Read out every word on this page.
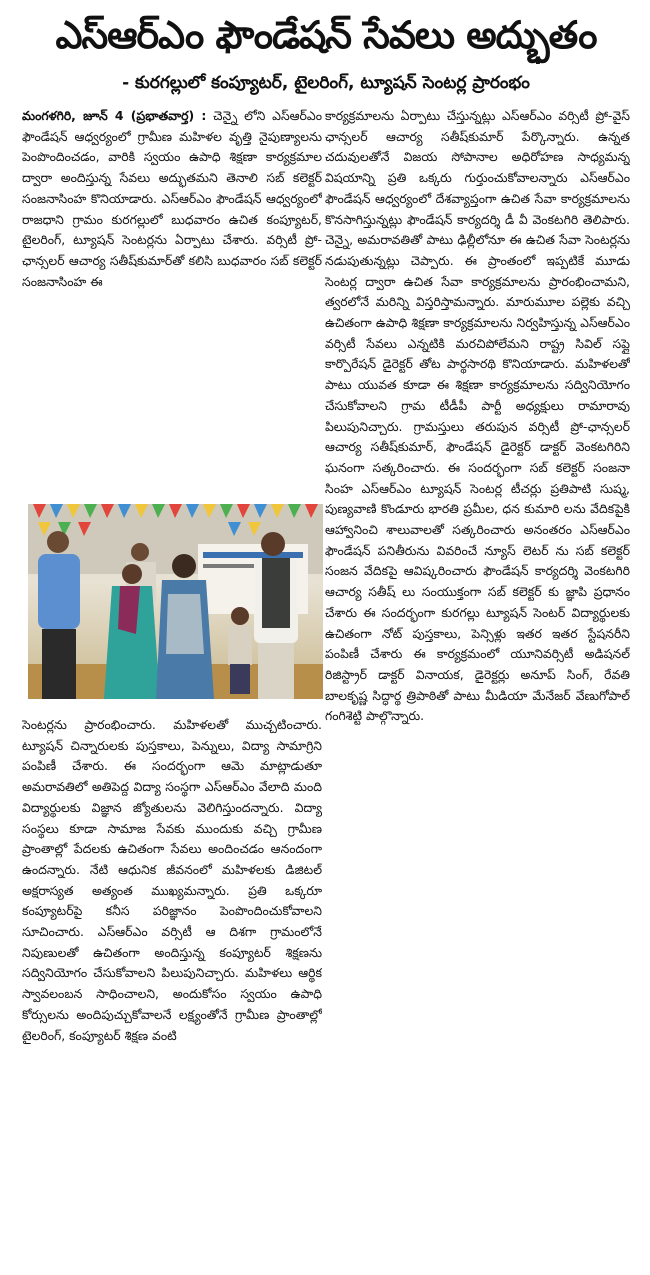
ఎస్ఆర్ఎం ఫౌండేషన్ సేవలు అద్భుతం
- కురగల్లులో కంప్యూటర్, టైలరింగ్, ట్యూషన్ సెంటర్ల ప్రారంభం

మంగళగిరి, జూన్ 4 (ప్రభాతవార్త) : చెన్నై లోని ఎస్ఆర్ఎం ఫౌండేషన్ ఆధ్వర్యంలో గ్రామీణ మహిళల వృత్తి నైపుణ్యాలను పెంపొందించడం, వారికి స్వయం ఉపాధి శిక్షణా కార్యక్రమాల ద్వారా అందిస్తున్న సేవలు అద్భుతమని తెనాలి సబ్ కలెక్టర్ సంజనాసింహ కొనియాడారు. ఎస్ఆర్ఎం ఫౌండేషన్ ఆధ్వర్యంలో రాజధాని గ్రామం కురగల్లులో బుధవారం ఉచిత కంప్యూటర్, టైలరింగ్, ట్యూషన్ సెంటర్లను ఏర్పాటు చేశారు. వర్సిటీ ప్రో-ఛాన్సలర్ ఆచార్య సతీష్‌కుమార్‌తో కలిసి బుధవారం సబ్ కలెక్టర్ సంజనాసింహ ఈ

సెంటర్లను ప్రారంభించారు. మహిళలతో ముచ్చటించారు. ట్యూషన్ చిన్నారులకు పుస్తకాలు, పెన్నులు, విద్యా సామాగ్రిని పంపిణీ చేశారు. ఈ సందర్భంగా ఆమె మాట్లాడుతూ అమరావతిలో అతిపెద్ద విద్యా సంస్థగా ఎస్ఆర్ఎం వేలాది మంది విద్యార్థులకు విజ్ఞాన జ్యోతులను వెలిగిస్తుందన్నారు. విద్యా సంస్థలు కూడా సామాజ సేవకు ముందుకు వచ్చి గ్రామీణ ప్రాంతాల్లో పేదలకు ఉచితంగా సేవలు అందించడం ఆనందంగా ఉందన్నారు. నేటి ఆధునిక జీవనంలో మహిళలకు డిజిటల్ అక్షరాస్యత అత్యంత ముఖ్యమన్నారు. ప్రతి ఒక్కరూ కంప్యూటర్‌పై కనీస పరిజ్ఞానం పెంపొందించుకోవాలని సూచించారు. ఎస్ఆర్ఎం వర్సిటీ ఆ దిశగా గ్రామంలోనే నిపుణులతో ఉచితంగా అందిస్తున్న కంప్యూటర్ శిక్షణను సద్వినియోగం చేసుకోవాలని పిలుపునిచ్చారు. మహిళలు ఆర్థిక స్వావలంబన సాధించాలని, అందుకోసం స్వయం ఉపాధి కోర్సులను అందిపుచ్చుకోవాలనే లక్ష్యంతోనే గ్రామీణ ప్రాంతాల్లో టైలరింగ్, కంప్యూటర్ శిక్షణ వంటి

కార్యక్రమాలను ఏర్పాటు చేస్తున్నట్లు ఎస్ఆర్ఎం వర్సిటీ ప్రో-వైస్ ఛాన్సలర్ ఆచార్య సతీష్‌కుమార్ పేర్కొన్నారు. ఉన్నత చదువులతోనే విజయ సోపానాల అధిరోహణ సాధ్యమన్న విషయాన్ని ప్రతి ఒక్కరు గుర్తుంచుకోవాలన్నారు ఎస్ఆర్ఎం ఫౌండేషన్ ఆధ్వర్యంలో దేశవ్యాప్తంగా ఉచిత సేవా కార్యక్రమాలను కొనసాగిస్తున్నట్లు ఫౌండేషన్ కార్యదర్శి డీ వీ వెంకటగిరి తెలిపారు. చెన్నై, అమరావతితో పాటు ఢిల్లీలోనూ ఈ ఉచిత సేవా సెంటర్లను నడుపుతున్నట్లు చెప్పారు. ఈ ప్రాంతంలో ఇప్పటికే మూడు సెంటర్ల ద్వారా ఉచిత సేవా కార్యక్రమాలను ప్రారంభించామని, త్వరలోనే మరిన్ని విస్తరిస్తామన్నారు. మారుమూల పల్లెకు వచ్చి ఉచితంగా ఉపాధి శిక్షణా కార్యక్రమాలను నిర్వహిస్తున్న ఎస్ఆర్ఎం వర్సిటీ సేవలు ఎన్నటికి మరచిపోలేమని రాష్ట్ర సివిల్ సప్లై కార్పొరేషన్ డైరెక్టర్ తోట పార్థసారథి కొనియాడారు. మహిళలతో పాటు యువత కూడా ఈ శిక్షణా కార్యక్రమాలను సద్వినియోగం చేసుకోవాలని గ్రామ టీడీపీ పార్టీ అధ్యక్షులు రామారావు పిలుపునిచ్చారు. గ్రామస్తులు తరుపున వర్సిటీ ప్రో-ఛాన్సలర్ ఆచార్య సతీష్‌కుమార్, ఫౌండేషన్ డైరెక్టర్ డాక్టర్ వెంకటగిరిని ఘనంగా సత్కరించారు. ఈ సందర్భంగా సబ్ కలెక్టర్ సంజనా సింహ ఎస్ఆర్ఎం ట్యూషన్ సెంటర్ల టీచర్లు ప్రతిపాటి సుష్మ, పుణ్యవాణి కొండూరు భారతి ప్రమీల, ధన కుమారి లను వేదికపైకి ఆహ్వానించి శాలువాలతో సత్కరించారు అనంతరం ఎస్ఆర్ఎం ఫౌండేషన్ పనితీరును వివరించే న్యూస్ లెటర్ ను సబ్ కలెక్టర్ సంజన వేదికపై ఆవిష్కరించారు ఫౌండేషన్ కార్యదర్శి వెంకటగిరి ఆచార్య సతీష్ లు సంయుక్తంగా సబ్ కలెక్టర్ కు జ్ఞాపి ప్రధానం చేశారు ఈ సందర్భంగా కురగల్లు ట్యూషన్ సెంటర్ విద్యార్థులకు ఉచితంగా నోట్ పుస్తకాలు, పెన్సిళ్లు ఇతర ఇతర స్టేషనరీని పంపిణీ చేశారు ఈ కార్యక్రమంలో యూనివర్సిటీ అడిషనల్ రిజిస్ట్రార్ డాక్టర్ వినాయక, డైరెక్టర్లు అనూప్ సింగ్, రేవతి బాలకృష్ణ సిద్ధార్థ త్రిపాఠితో పాటు మీడియా మేనేజర్ వేణుగోపాల్ గంగిశెట్టి పాల్గొన్నారు.
